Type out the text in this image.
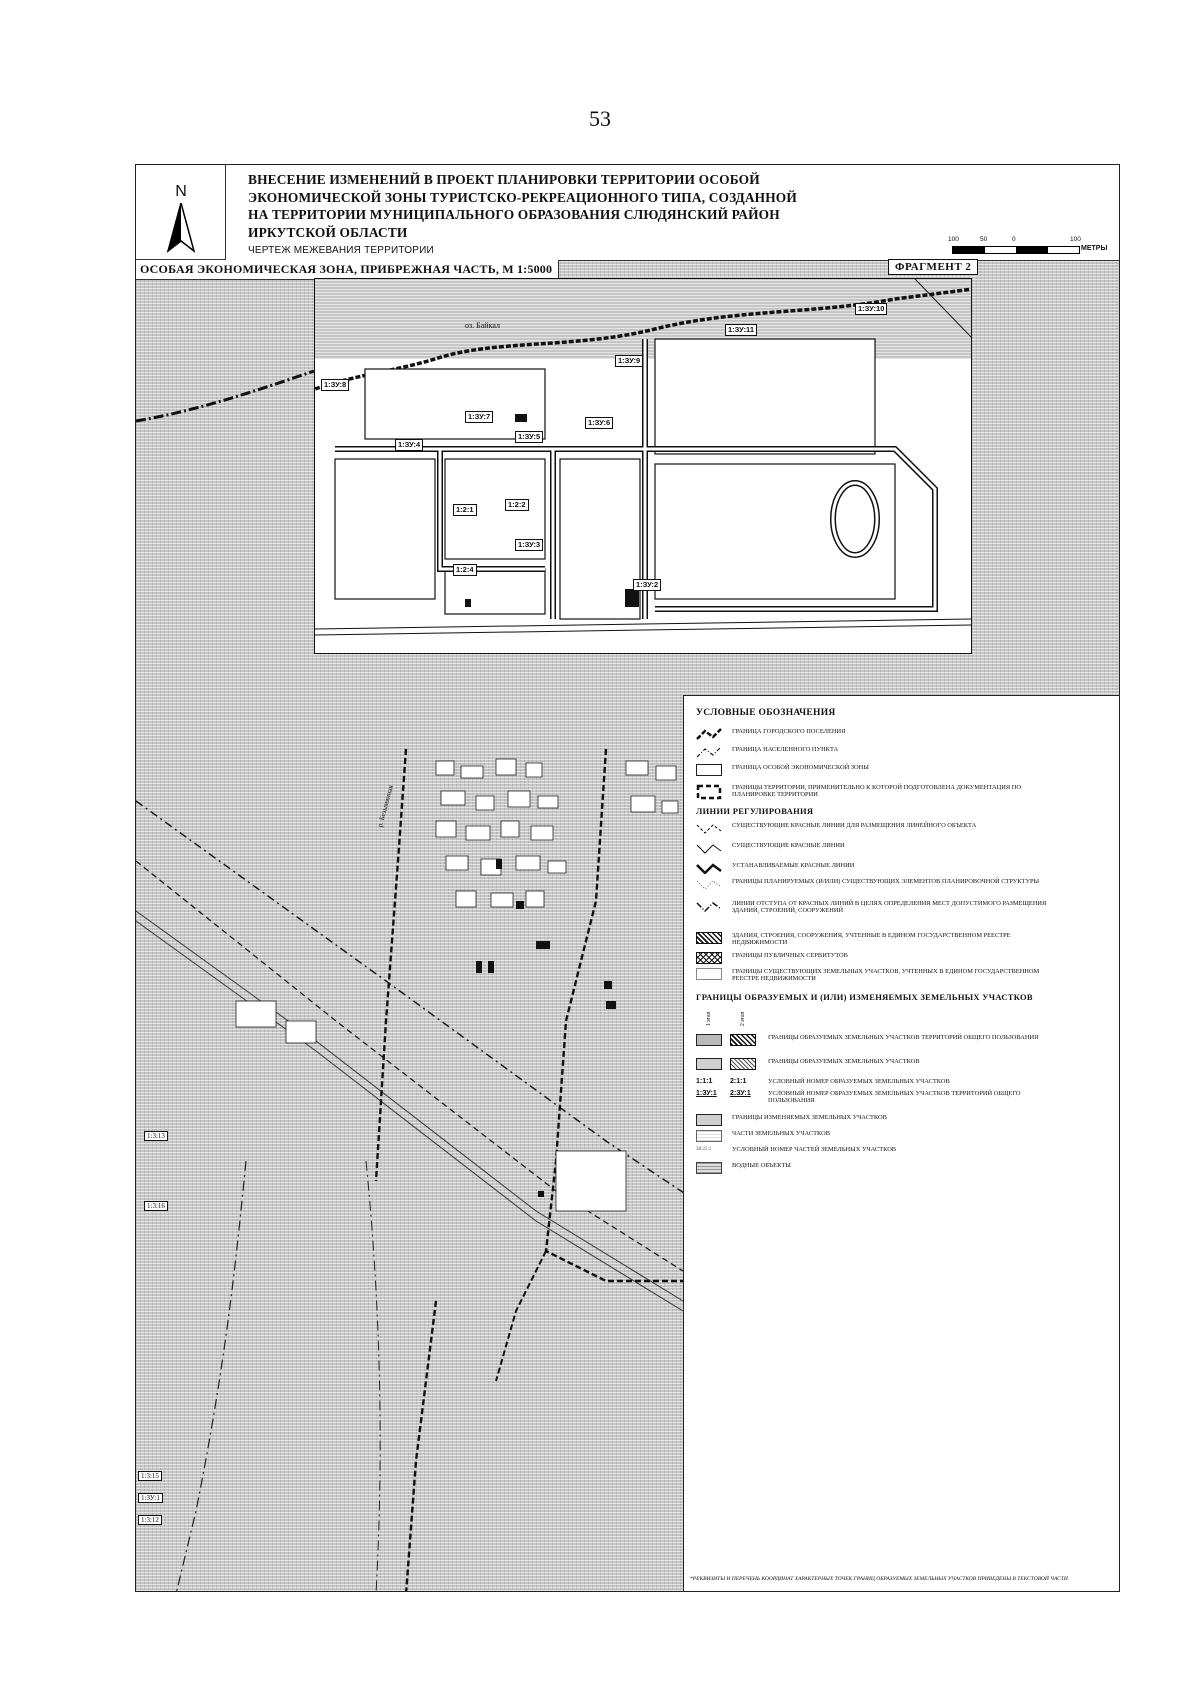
53
N
ВНЕСЕНИЕ ИЗМЕНЕНИЙ В ПРОЕКТ ПЛАНИРОВКИ ТЕРРИТОРИИ ОСОБОЙ
ЭКОНОМИЧЕСКОЙ ЗОНЫ ТУРИСТСКО-РЕКРЕАЦИОННОГО ТИПА, СОЗДАННОЙ
НА ТЕРРИТОРИИ МУНИЦИПАЛЬНОГО ОБРАЗОВАНИЯ СЛЮДЯНСКИЙ РАЙОН
ИРКУТСКОЙ ОБЛАСТИ
ЧЕРТЕЖ МЕЖЕВАНИЯ ТЕРРИТОРИИ
100	50	0	100
МЕТРЫ
1:3:13
1:3:15
1:ЗУ:1
1:3:12
1:3:16
р. Безымянная
ОСОБАЯ ЭКОНОМИЧЕСКАЯ ЗОНА, ПРИБРЕЖНАЯ ЧАСТЬ, М 1:5000
оз. Байкал
1:ЗУ:10
1:ЗУ:11
1:ЗУ:9
1:ЗУ:8
1:ЗУ:7
1:ЗУ:6
1:ЗУ:5
1:ЗУ:4
1:2:1
1:2:2
1:2:4
1:ЗУ:3
1:ЗУ:2
ФРАГМЕНТ 2
УСЛОВНЫЕ ОБОЗНАЧЕНИЯ
ГРАНИЦА ГОРОДСКОГО ПОСЕЛЕНИЯ
ГРАНИЦА НАСЕЛЕННОГО ПУНКТА
ГРАНИЦА ОСОБОЙ ЭКОНОМИЧЕСКОЙ ЗОНЫ
ГРАНИЦЫ ТЕРРИТОРИИ, ПРИМЕНИТЕЛЬНО К КОТОРОЙ ПОДГОТОВЛЕНА ДОКУМЕНТАЦИЯ ПО ПЛАНИРОВКЕ ТЕРРИТОРИИ
ЛИНИИ РЕГУЛИРОВАНИЯ
СУЩЕСТВУЮЩИЕ КРАСНЫЕ ЛИНИИ ДЛЯ РАЗМЕЩЕНИЯ ЛИНЕЙНОГО ОБЪЕКТА
СУЩЕСТВУЮЩИЕ КРАСНЫЕ ЛИНИИ
УСТАНАВЛИВАЕМЫЕ КРАСНЫЕ ЛИНИИ
ГРАНИЦЫ ПЛАНИРУЕМЫХ (И/ИЛИ) СУЩЕСТВУЮЩИХ ЭЛЕМЕНТОВ ПЛАНИРОВОЧНОЙ СТРУКТУРЫ
ЛИНИИ ОТСТУПА ОТ КРАСНЫХ ЛИНИЙ В ЦЕЛЯХ ОПРЕДЕЛЕНИЯ МЕСТ ДОПУСТИМОГО РАЗМЕЩЕНИЯ ЗДАНИЙ, СТРОЕНИЙ, СООРУЖЕНИЙ
ЗДАНИЯ, СТРОЕНИЯ, СООРУЖЕНИЯ, УЧТЕННЫЕ В ЕДИНОМ ГОСУДАРСТВЕННОМ РЕЕСТРЕ НЕДВИЖИМОСТИ
ГРАНИЦЫ ПУБЛИЧНЫХ СЕРВИТУТОВ
ГРАНИЦЫ СУЩЕСТВУЮЩИХ ЗЕМЕЛЬНЫХ УЧАСТКОВ, УЧТЕННЫХ В ЕДИНОМ ГОСУДАРСТВЕННОМ РЕЕСТРЕ НЕДВИЖИМОСТИ
ГРАНИЦЫ ОБРАЗУЕМЫХ И (ИЛИ) ИЗМЕНЯЕМЫХ ЗЕМЕЛЬНЫХ УЧАСТКОВ
1 этап	2 этап
ГРАНИЦЫ ОБРАЗУЕМЫХ ЗЕМЕЛЬНЫХ УЧАСТКОВ ТЕРРИТОРИЙ ОБЩЕГО ПОЛЬЗОВАНИЯ
ГРАНИЦЫ ОБРАЗУЕМЫХ ЗЕМЕЛЬНЫХ УЧАСТКОВ
1:1:1	2:1:1	УСЛОВНЫЙ НОМЕР ОБРАЗУЕМЫХ ЗЕМЕЛЬНЫХ УЧАСТКОВ
1:ЗУ:1	2:ЗУ:1	УСЛОВНЫЙ НОМЕР ОБРАЗУЕМЫХ ЗЕМЕЛЬНЫХ УЧАСТКОВ ТЕРРИТОРИЙ ОБЩЕГО ПОЛЬЗОВАНИЯ
ГРАНИЦЫ ИЗМЕНЯЕМЫХ ЗЕМЕЛЬНЫХ УЧАСТКОВ
ЧАСТИ ЗЕМЕЛЬНЫХ УЧАСТКОВ
38:25:1	УСЛОВНЫЙ НОМЕР ЧАСТЕЙ ЗЕМЕЛЬНЫХ УЧАСТКОВ
ВОДНЫЕ ОБЪЕКТЫ
*РЕКВИЗИТЫ И ПЕРЕЧЕНЬ КООРДИНАТ ХАРАКТЕРНЫХ ТОЧЕК ГРАНИЦ ОБРАЗУЕМЫХ ЗЕМЕЛЬНЫХ УЧАСТКОВ ПРИВЕДЕНЫ В ТЕКСТОВОЙ ЧАСТИ
